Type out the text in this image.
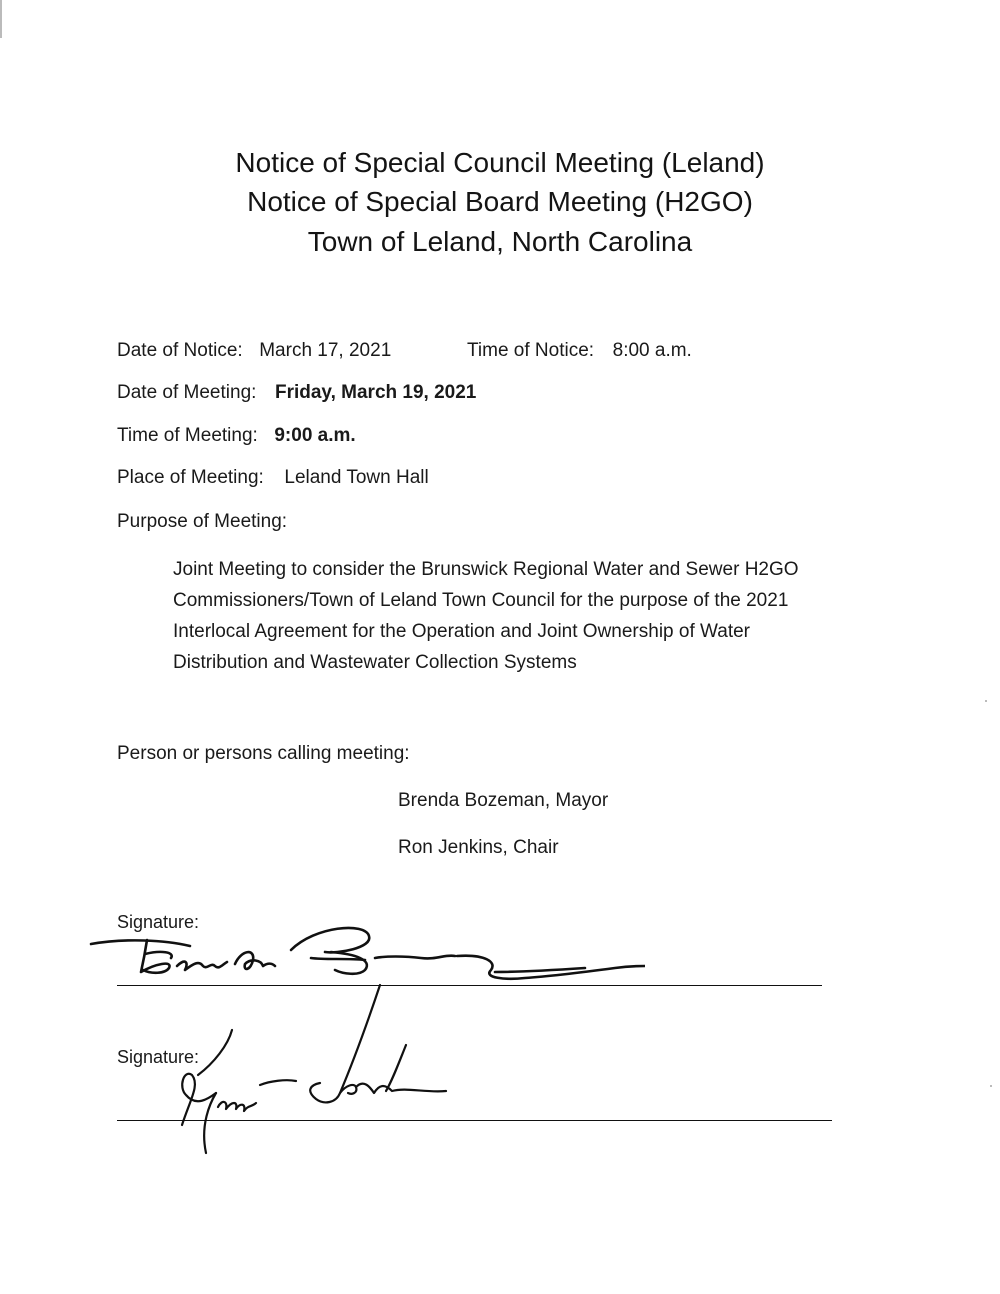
Notice of Special Council Meeting (Leland)
Notice of Special Board Meeting (H2GO)
Town of Leland, North Carolina
Date of Notice: March 17, 2021	Time of Notice: 8:00 a.m.
Date of Meeting: Friday, March 19, 2021
Time of Meeting: 9:00 a.m.
Place of Meeting: Leland Town Hall
Purpose of Meeting:
Joint Meeting to consider the Brunswick Regional Water and Sewer H2GO
Commissioners/Town of Leland Town Council for the purpose of the 2021
Interlocal Agreement for the Operation and Joint Ownership of Water
Distribution and Wastewater Collection Systems
Person or persons calling meeting:
Brenda Bozeman, Mayor
Ron Jenkins, Chair
Signature:
Signature:
